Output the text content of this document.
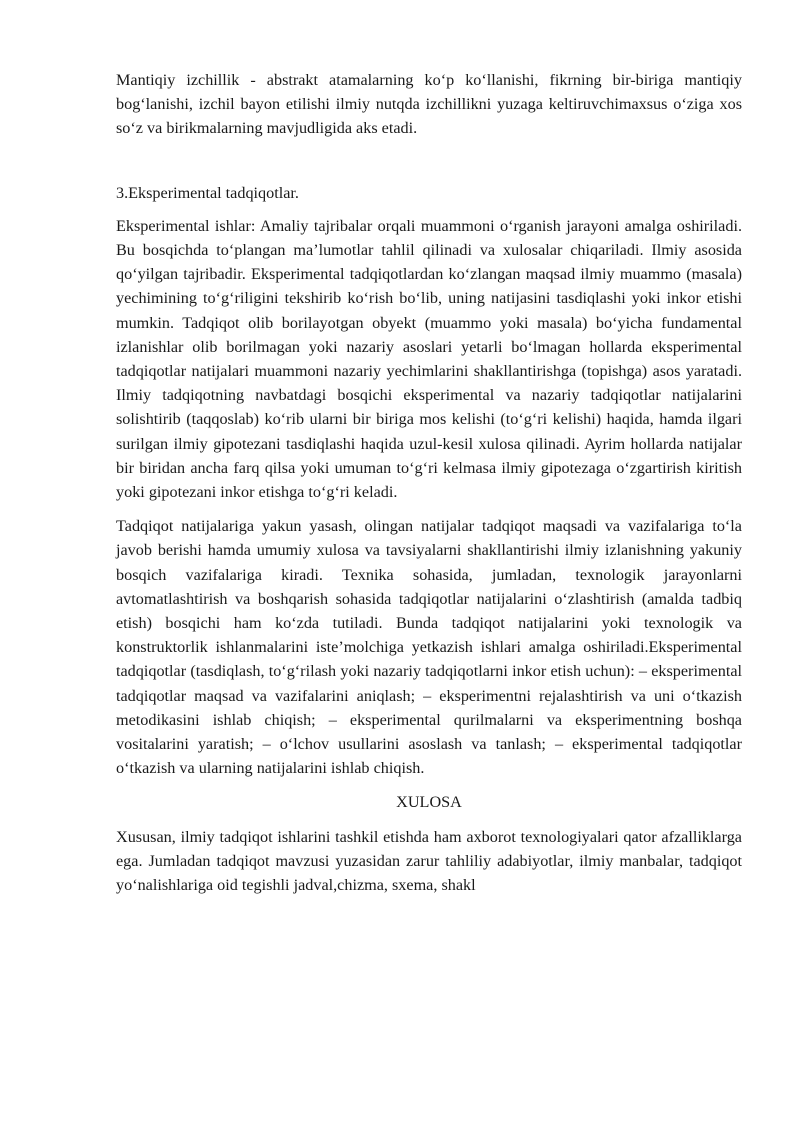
Mantiqiy izchillik - abstrakt atamalarning ko‘p ko‘llanishi, fikrning bir-biriga mantiqiy bog‘lanishi, izchil bayon etilishi ilmiy nutqda izchillikni yuzaga keltiruvchimaxsus o‘ziga xos so‘z va birikmalarning mavjudligida aks etadi.

3.Eksperimental tadqiqotlar.

Eksperimental ishlar: Amaliy tajribalar orqali muammoni o‘rganish jarayoni amalga oshiriladi. Bu bosqichda to‘plangan ma’lumotlar tahlil qilinadi va xulosalar chiqariladi. Ilmiy asosida qo‘yilgan tajribadir. Eksperimental tadqiqotlardan ko‘zlangan maqsad ilmiy muammo (masala) yechimining to‘g‘riligini tekshirib ko‘rish bo‘lib, uning natijasini tasdiqlashi yoki inkor etishi mumkin. Tadqiqot olib borilayotgan obyekt (muammo yoki masala) bo‘yicha fundamental izlanishlar olib borilmagan yoki nazariy asoslari yetarli bo‘lmagan hollarda eksperimental tadqiqotlar natijalari muammoni nazariy yechimlarini shakllantirishga (topishga) asos yaratadi. Ilmiy tadqiqotning navbatdagi bosqichi eksperimental va nazariy tadqiqotlar natijalarini solishtirib (taqqoslab) ko‘rib ularni bir biriga mos kelishi (to‘g‘ri kelishi) haqida, hamda ilgari surilgan ilmiy gipotezani tasdiqlashi haqida uzul-kesil xulosa qilinadi. Ayrim hollarda natijalar bir biridan ancha farq qilsa yoki umuman to‘g‘ri kelmasa ilmiy gipotezaga o‘zgartirish kiritish yoki gipotezani inkor etishga to‘g‘ri keladi.

Tadqiqot natijalariga yakun yasash, olingan natijalar tadqiqot maqsadi va vazifalariga to‘la javob berishi hamda umumiy xulosa va tavsiyalarni shakllantirishi ilmiy izlanishning yakuniy bosqich vazifalariga kiradi. Texnika sohasida, jumladan, texnologik jarayonlarni avtomatlashtirish va boshqarish sohasida tadqiqotlar natijalarini o‘zlashtirish (amalda tadbiq etish) bosqichi ham ko‘zda tutiladi. Bunda tadqiqot natijalarini yoki texnologik va konstruktorlik ishlanmalarini iste’molchiga yetkazish ishlari amalga oshiriladi.Eksperimental tadqiqotlar (tasdiqlash, to‘g‘rilash yoki nazariy tadqiqotlarni inkor etish uchun): – eksperimental tadqiqotlar maqsad va vazifalarini aniqlash; – eksperimentni rejalashtirish va uni o‘tkazish metodikasini ishlab chiqish; – eksperimental qurilmalarni va eksperimentning boshqa vositalarini yaratish; – o‘lchov usullarini asoslash va tanlash; – eksperimental tadqiqotlar o‘tkazish va ularning natijalarini ishlab chiqish.

XULOSA

Xususan, ilmiy tadqiqot ishlarini tashkil etishda ham axborot texnologiyalari qator afzalliklarga ega. Jumladan tadqiqot mavzusi yuzasidan zarur tahliliy adabiyotlar, ilmiy manbalar, tadqiqot yo‘nalishlariga oid tegishli jadval,chizma, sxema, shakl
